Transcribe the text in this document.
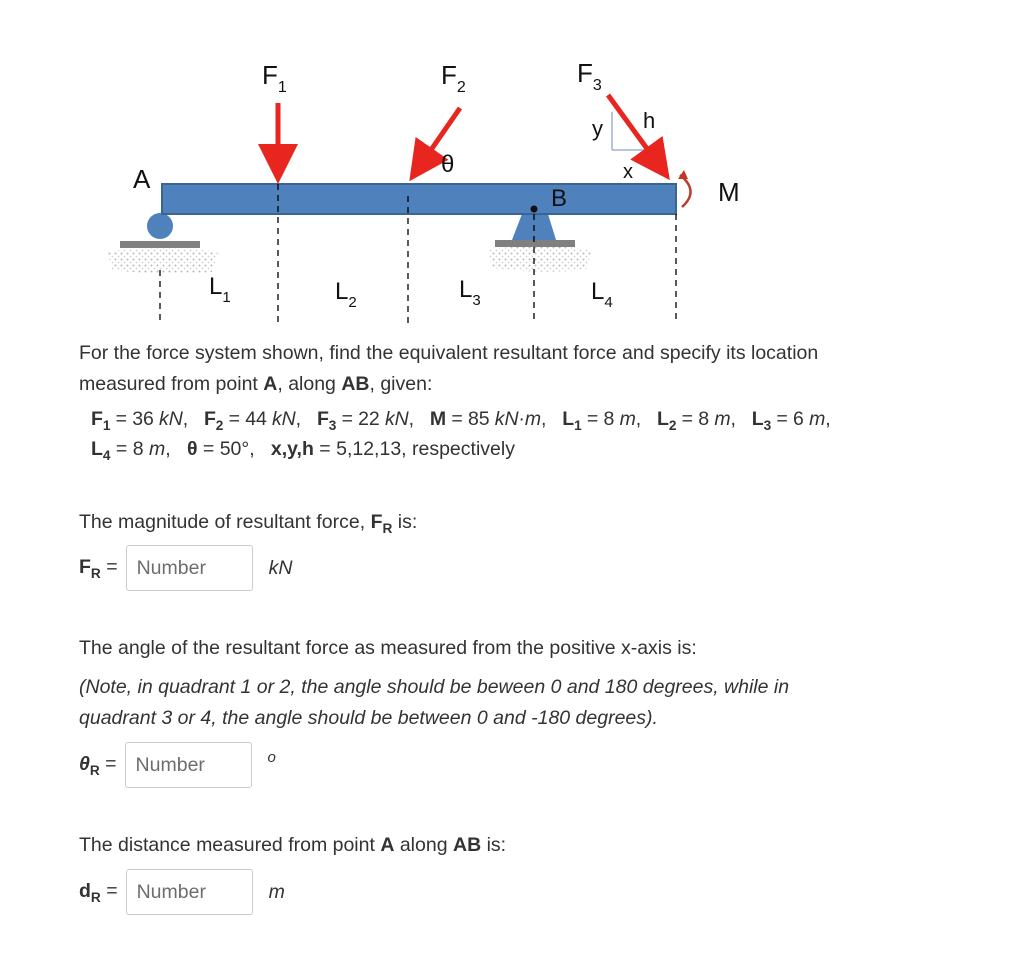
A
B	M
$F_1$	$F_2$	$F_3$
θ
y h
x
$L_1$	$L_2$	$L_3$	$L_4$
For the force system shown, find the equivalent resultant force and specify its location
measured from point A, along AB, given:
$F_1 = 36$ kN,   $F_2 = 44$ kN,   $F_3 = 22$ kN,   M = 85 kN·m,   $L_1 = 8$ m,   $L_2 = 8$ m,   $L_3 = 6$ m,
$L_4 = 8$ m,   θ = 50°,   x,y,h = 5,12,13, respectively
The magnitude of resultant force, $F_R$ is:
$F_R$ =
Number	kN
The angle of the resultant force as measured from the positive x-axis is:
(Note, in quadrant 1 or 2, the angle should be beween 0 and 180 degrees, while in
quadrant 3 or 4, the angle should be between 0 and -180 degrees).
$\theta_R$ =
Number	o
The distance measured from point A along AB is:
$d_R$ =
Number	m
